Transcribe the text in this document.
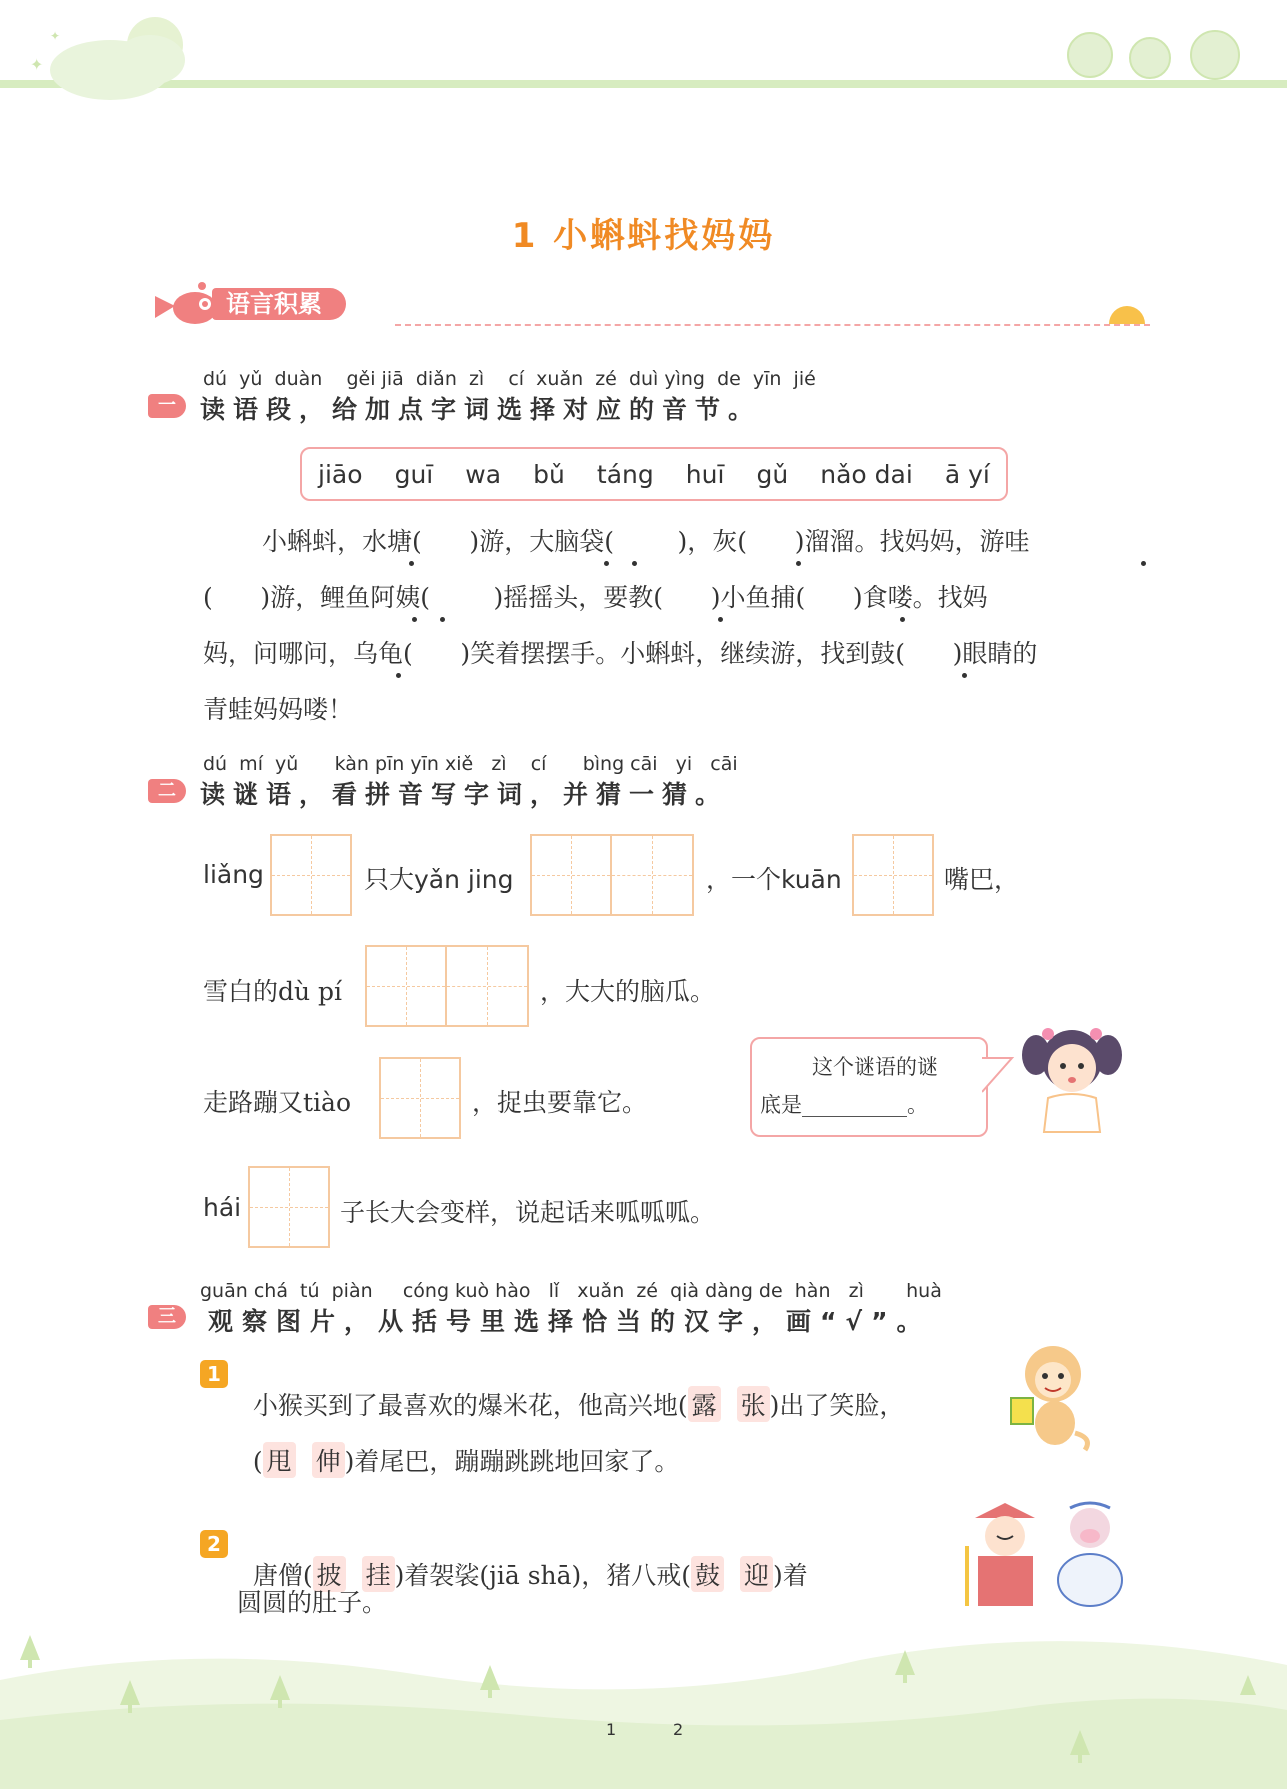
✦
✦
1 小蝌蚪找妈妈
语言积累
dú  yǔ  duàn    gěi jiā  diǎn  zì    cí  xuǎn  zé  duì yìng  de  yīn  jié
一 读语段，给加点字词选择对应的音节。
jiāo guī wa bǔ táng huī gǔ nǎo dai ā yí
小蝌蚪，水塘(      )游，大脑袋(        )，灰(      )溜溜。找妈妈，游哇
(      )游，鲤鱼阿姨(        )摇摇头，要教(      )小鱼捕(      )食喽。找妈
妈，问哪问，乌龟(      )笑着摆摆手。小蝌蚪，继续游，找到鼓(      )眼睛的
青蛙妈妈喽！
dú  mí  yǔ      kàn pīn yīn xiě   zì    cí      bìng cāi   yi   cāi
二 读谜语，看拼音写字词，并猜一猜。
liǎng	只大yǎn jing	，一个kuān	嘴巴，
雪白的dù pí	，大大的脑瓜。
走路蹦又tiào	，捉虫要靠它。
这个谜语的谜
底是__________。
hái	子长大会变样，说起话来呱呱呱。
guān chá  tú  piàn     cóng kuò hào   lǐ   xuǎn  zé  qià dàng de  hàn   zì       huà
三	观察图片，从括号里选择恰当的汉字，画“√”。
1

小猴买到了最喜欢的爆米花，他高兴地( 露 张 )出了笑脸，

( 甩 伸 )着尾巴，蹦蹦跳跳地回家了。

2

唐僧( 披 挂 )着袈裟(jiā shā)，猪八戒( 鼓 迎 )着

圆圆的肚子。
1	2
